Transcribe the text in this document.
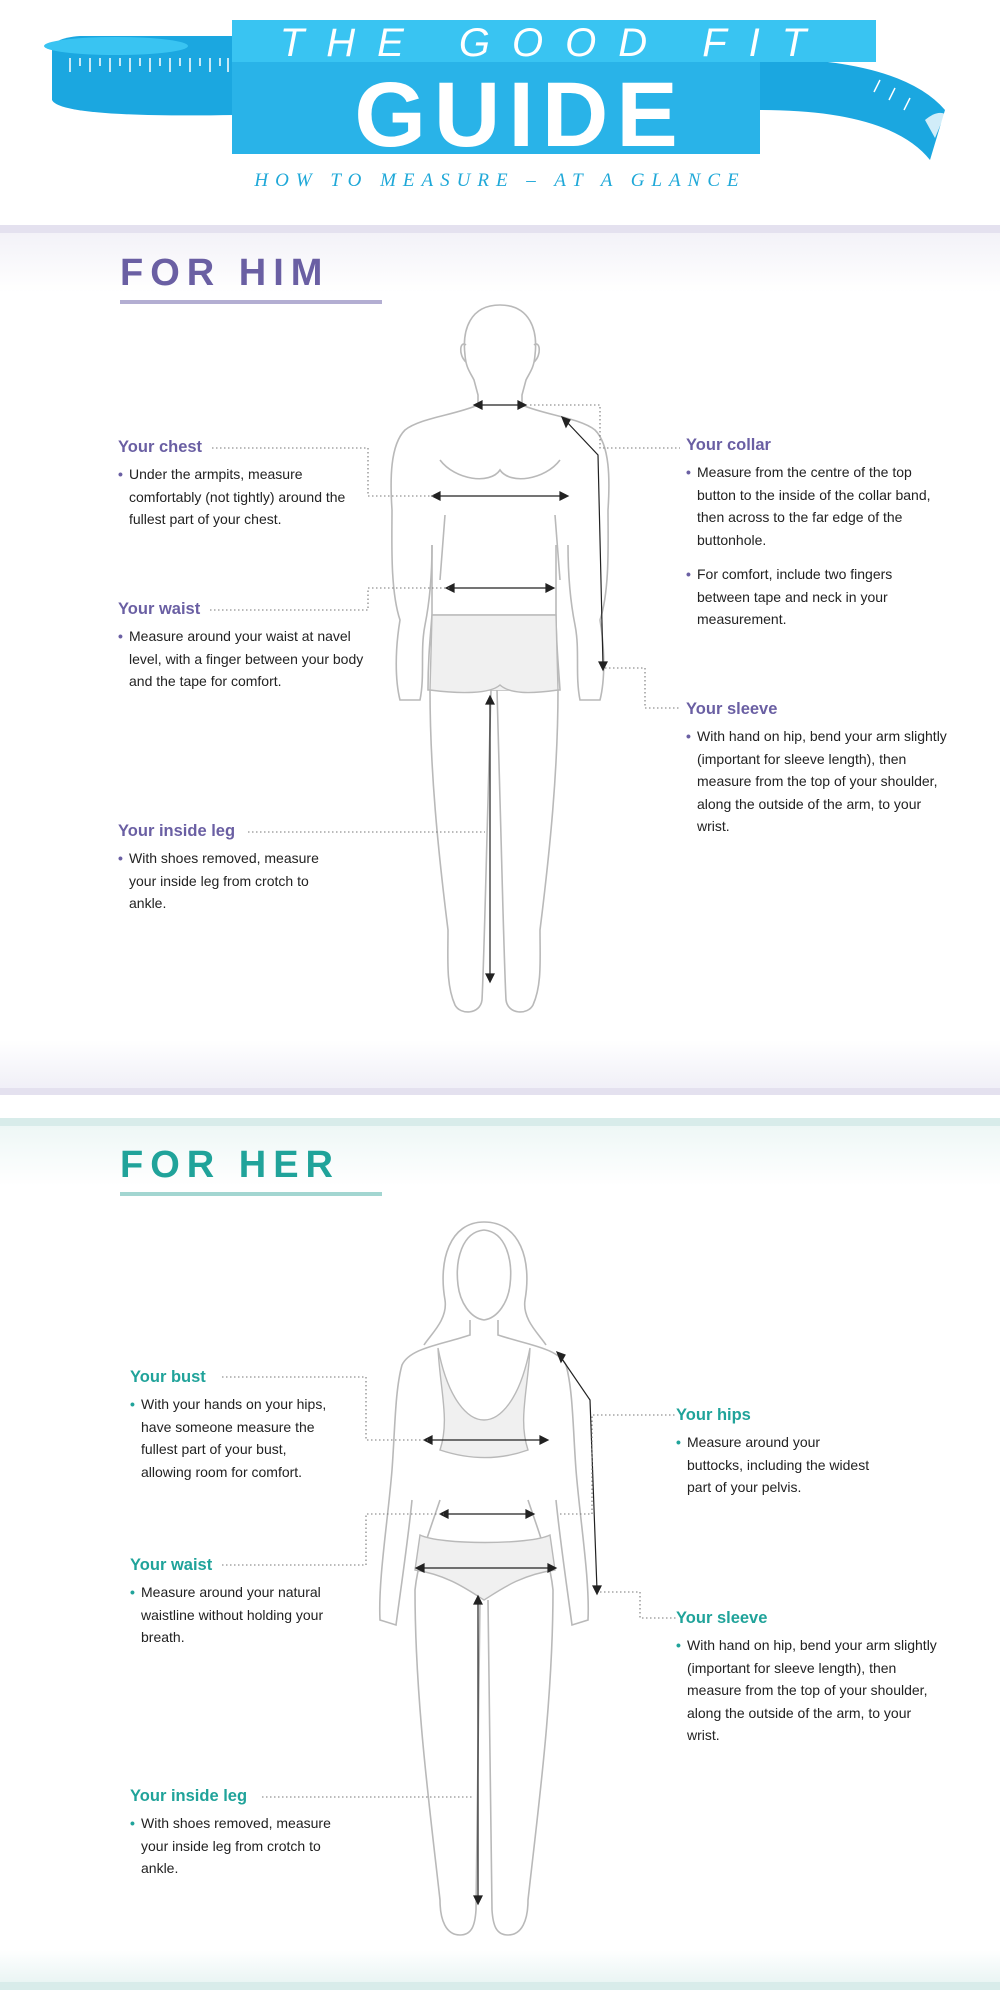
THE GOOD FIT
GUIDE
HOW TO MEASURE – AT A GLANCE
FOR HIM
Your chest

• Under the armpits, measure comfortably (not tightly) around the fullest part of your chest.

Your waist

• Measure around your waist at navel level, with a finger between your body and the tape for comfort.

Your inside leg

• With shoes removed, measure your inside leg from crotch to ankle.

Your collar

• Measure from the centre of the top button to the inside of the collar band, then across to the far edge of the buttonhole.

• For comfort, include two fingers between tape and neck in your measurement.

Your sleeve

• With hand on hip, bend your arm slightly (important for sleeve length), then measure from the top of your shoulder, along the outside of the arm, to your wrist.

FOR HER
Your bust

• With your hands on your hips, have someone measure the fullest part of your bust, allowing room for comfort.

Your waist

• Measure around your natural waistline without holding your breath.

Your inside leg

• With shoes removed, measure your inside leg from crotch to ankle.

Your hips

• Measure around your buttocks, including the widest part of your pelvis.

Your sleeve

• With hand on hip, bend your arm slightly (important for sleeve length), then measure from the top of your shoulder, along the outside of the arm, to your wrist.
